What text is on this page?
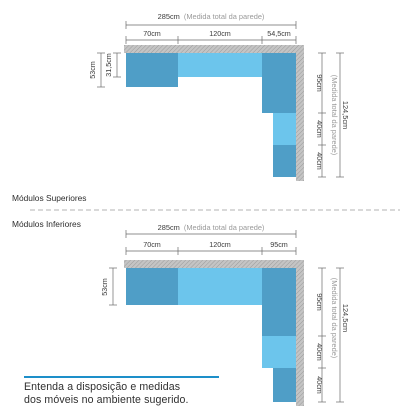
285cm (Medida total da parede)
70cm	120cm	54,5cm
53cm 31,5cm
95cm
40cm
40cm
124,5cm
(Medida total da parede)
Módulos Superiores
Módulos Inferiores	285cm (Medida total da parede)
70cm	120cm	95cm
53cm
95cm
40cm
40cm
124,5cm
(Medida total da parede)
Entenda a disposição e medidas
dos móveis no ambiente sugerido.
